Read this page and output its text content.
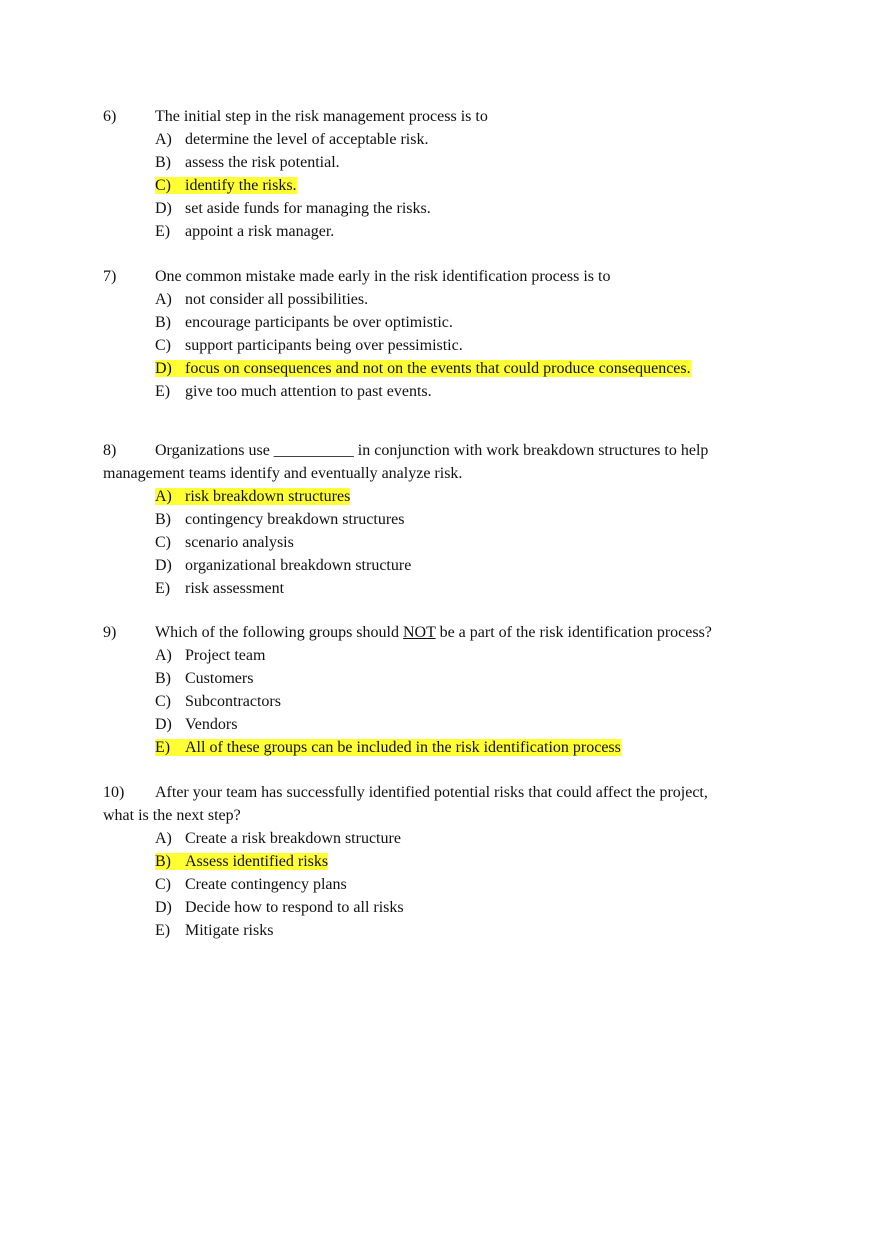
6) The initial step in the risk management process is to
A) determine the level of acceptable risk.
B) assess the risk potential.
C) identify the risks.
D) set aside funds for managing the risks.
E) appoint a risk manager.
7) One common mistake made early in the risk identification process is to
A) not consider all possibilities.
B) encourage participants be over optimistic.
C) support participants being over pessimistic.
D) focus on consequences and not on the events that could produce consequences.
E) give too much attention to past events.
8) Organizations use __________ in conjunction with work breakdown structures to help
management teams identify and eventually analyze risk.
A) risk breakdown structures
B) contingency breakdown structures
C) scenario analysis
D) organizational breakdown structure
E) risk assessment
9) Which of the following groups should NOT be a part of the risk identification process?
A) Project team
B) Customers
C) Subcontractors
D) Vendors
E) All of these groups can be included in the risk identification process
10) After your team has successfully identified potential risks that could affect the project,
what is the next step?
A) Create a risk breakdown structure
B) Assess identified risks
C) Create contingency plans
D) Decide how to respond to all risks
E) Mitigate risks
